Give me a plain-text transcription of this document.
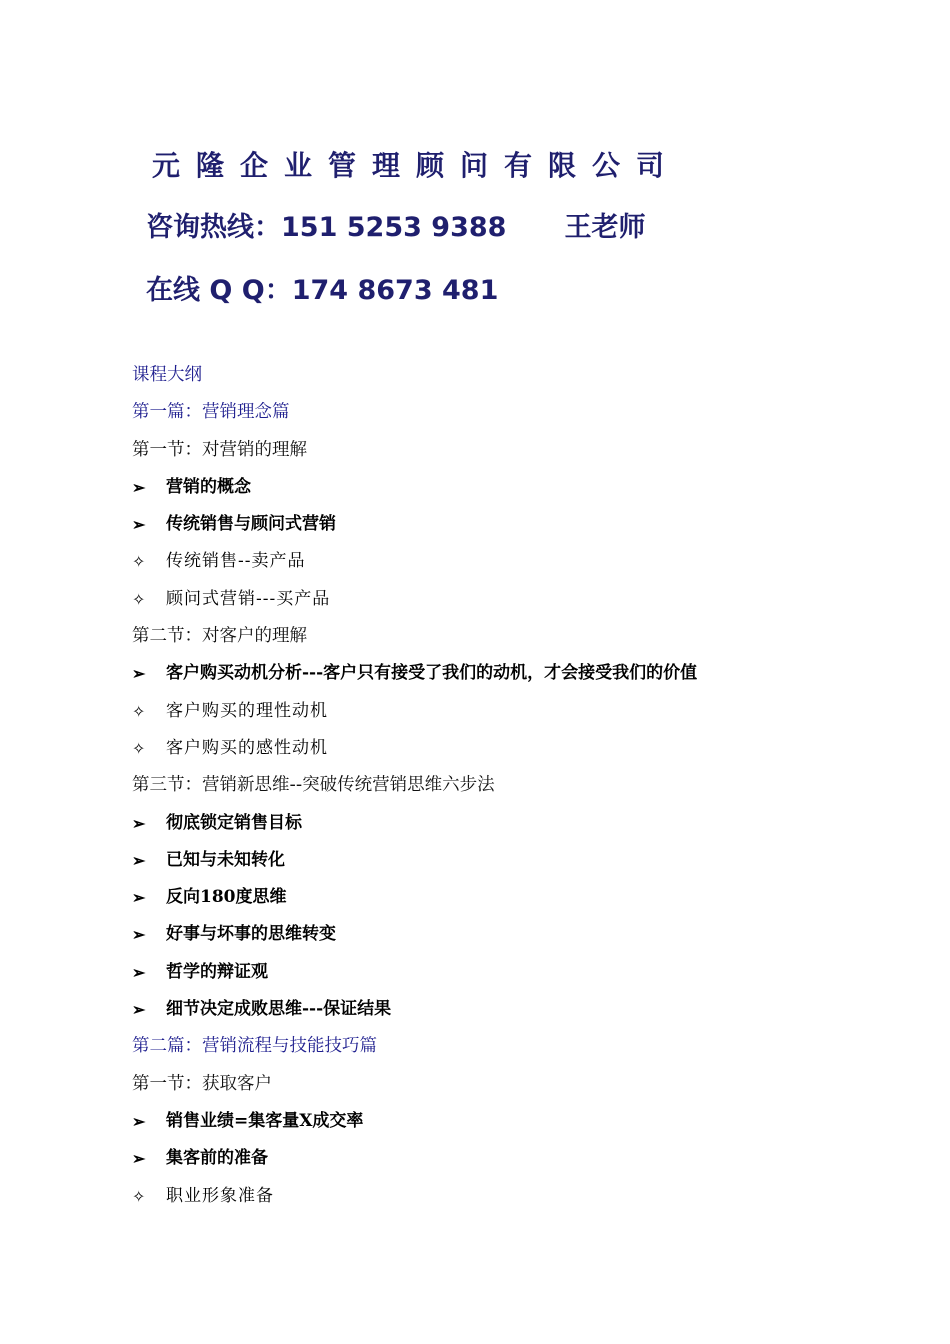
元隆企业管理顾问有限公司
咨询热线：151 5253 9388 王老师
在线 Q Q：174 8673 481
课程大纲
第一篇：营销理念篇
第一节：对营销的理解
➢	营销的概念
➢	传统销售与顾问式营销
✧	传统销售--卖产品
✧	顾问式营销---买产品
第二节：对客户的理解
➢	客户购买动机分析---客户只有接受了我们的动机，才会接受我们的价值
✧	客户购买的理性动机
✧	客户购买的感性动机
第三节：营销新思维--突破传统营销思维六步法
➢	彻底锁定销售目标
➢	已知与未知转化
➢	反向180度思维
➢	好事与坏事的思维转变
➢	哲学的辩证观
➢	细节决定成败思维---保证结果
第二篇：营销流程与技能技巧篇
第一节：获取客户
➢	销售业绩=集客量X成交率
➢	集客前的准备
✧	职业形象准备
